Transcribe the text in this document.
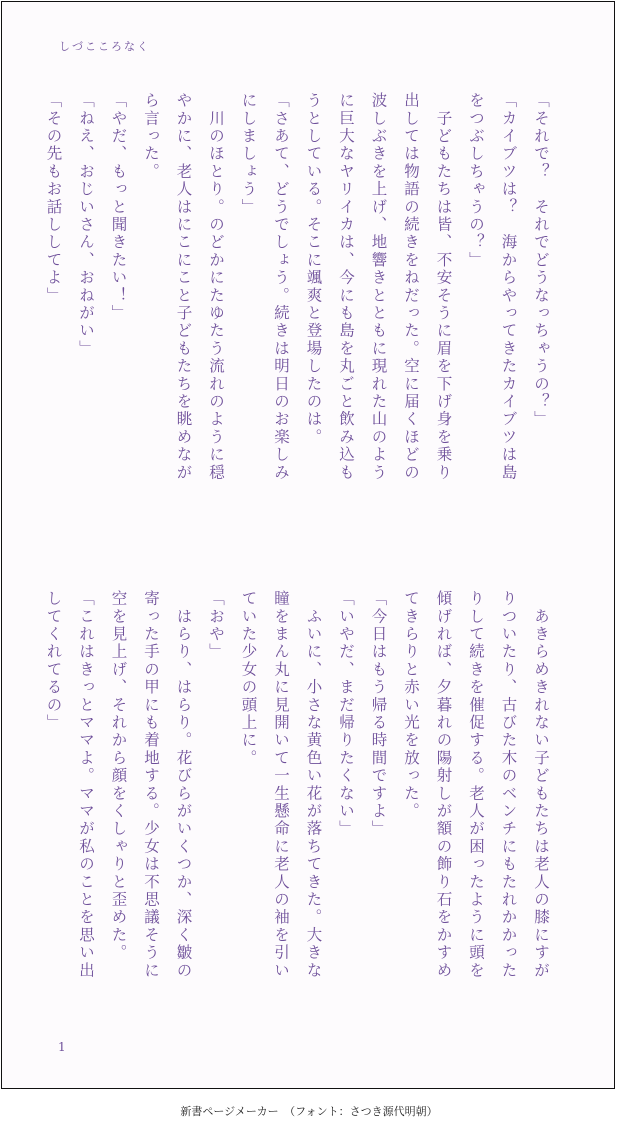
しづこころなく
「それで？　それでどうなっちゃうの？」
「カイブツは？　海からやってきたカイブツは島
をつぶしちゃうの？」
　子どもたちは皆、不安そうに眉を下げ身を乗り
出しては物語の続きをねだった。空に届くほどの
波しぶきを上げ、地響きとともに現れた山のよう
に巨大なヤリイカは、今にも島を丸ごと飲み込も
うとしている。そこに颯爽と登場したのは。
「さあて、どうでしょう。続きは明日のお楽しみ
にしましょう」
　川のほとり。のどかにたゆたう流れのように穏
やかに、老人はにこにこと子どもたちを眺めなが
ら言った。
「やだ、もっと聞きたい！」
「ねえ、おじいさん、おねがい」
「その先もお話ししてよ」
　あきらめきれない子どもたちは老人の膝にすが
りついたり、古びた木のベンチにもたれかかった
りして続きを催促する。老人が困ったように頭を
傾げれば、夕暮れの陽射しが額の飾り石をかすめ
てきらりと赤い光を放った。
「今日はもう帰る時間ですよ」
「いやだ、まだ帰りたくない」
　ふいに、小さな黄色い花が落ちてきた。大きな
瞳をまん丸に見開いて一生懸命に老人の袖を引い
ていた少女の頭上に。
「おや」
　はらり、はらり。花びらがいくつか、深く皺の
寄った手の甲にも着地する。少女は不思議そうに
空を見上げ、それから顔をくしゃりと歪めた。
「これはきっとママよ。ママが私のことを思い出
してくれてるの」
1
新書ページメーカー　（フォント：さつき源代明朝）
